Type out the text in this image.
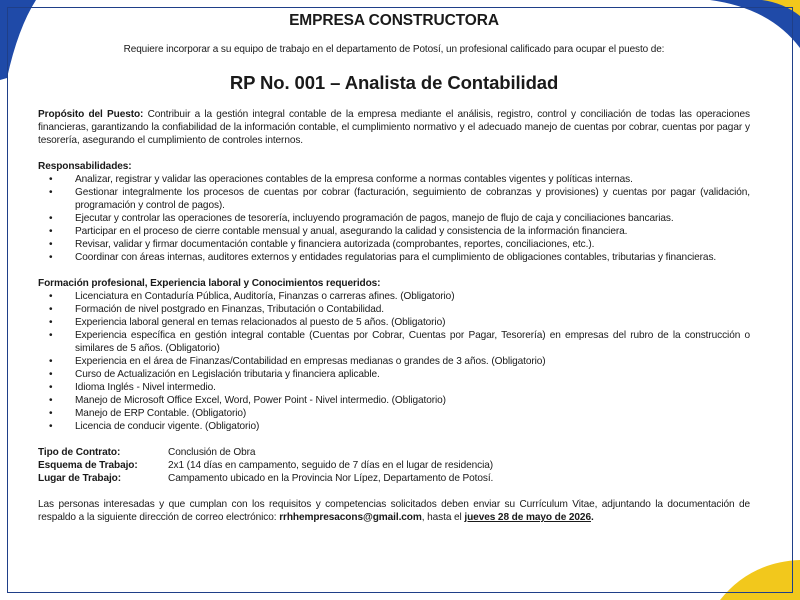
EMPRESA CONSTRUCTORA
Requiere incorporar a su equipo de trabajo en el departamento de Potosí, un profesional calificado para ocupar el puesto de:
RP No. 001 – Analista de Contabilidad
Propósito del Puesto: Contribuir a la gestión integral contable de la empresa mediante el análisis, registro, control y conciliación de todas las operaciones financieras, garantizando la confiabilidad de la información contable, el cumplimiento normativo y el adecuado manejo de cuentas por cobrar, cuentas por pagar y tesorería, asegurando el cumplimiento de controles internos.
Responsabilidades:
• Analizar, registrar y validar las operaciones contables de la empresa conforme a normas contables vigentes y políticas internas.
• Gestionar integralmente los procesos de cuentas por cobrar (facturación, seguimiento de cobranzas y provisiones) y cuentas por pagar (validación, programación y control de pagos).
• Ejecutar y controlar las operaciones de tesorería, incluyendo programación de pagos, manejo de flujo de caja y conciliaciones bancarias.
• Participar en el proceso de cierre contable mensual y anual, asegurando la calidad y consistencia de la información financiera.
• Revisar, validar y firmar documentación contable y financiera autorizada (comprobantes, reportes, conciliaciones, etc.).
• Coordinar con áreas internas, auditores externos y entidades regulatorias para el cumplimiento de obligaciones contables, tributarias y financieras.
Formación profesional, Experiencia laboral y Conocimientos requeridos:
• Licenciatura en Contaduría Pública, Auditoría, Finanzas o carreras afines. (Obligatorio)
• Formación de nivel postgrado en Finanzas, Tributación o Contabilidad.
• Experiencia laboral general en temas relacionados al puesto de 5 años. (Obligatorio)
• Experiencia específica en gestión integral contable (Cuentas por Cobrar, Cuentas por Pagar, Tesorería) en empresas del rubro de la construcción o similares de 5 años. (Obligatorio)
• Experiencia en el área de Finanzas/Contabilidad en empresas medianas o grandes de 3 años. (Obligatorio)
• Curso de Actualización en Legislación tributaria y financiera aplicable.
• Idioma Inglés - Nivel intermedio.
• Manejo de Microsoft Office Excel, Word, Power Point - Nivel intermedio. (Obligatorio)
• Manejo de ERP Contable. (Obligatorio)
• Licencia de conducir vigente. (Obligatorio)
Tipo de Contrato:	Conclusión de Obra
Esquema de Trabajo:	2x1 (14 días en campamento, seguido de 7 días en el lugar de residencia)
Lugar de Trabajo:	Campamento ubicado en la Provincia Nor Lípez, Departamento de Potosí.
Las personas interesadas y que cumplan con los requisitos y competencias solicitados deben enviar su Currículum Vitae, adjuntando la documentación de respaldo a la siguiente dirección de correo electrónico: rrhhempresacons@gmail.com, hasta el jueves 28 de mayo de 2026.
